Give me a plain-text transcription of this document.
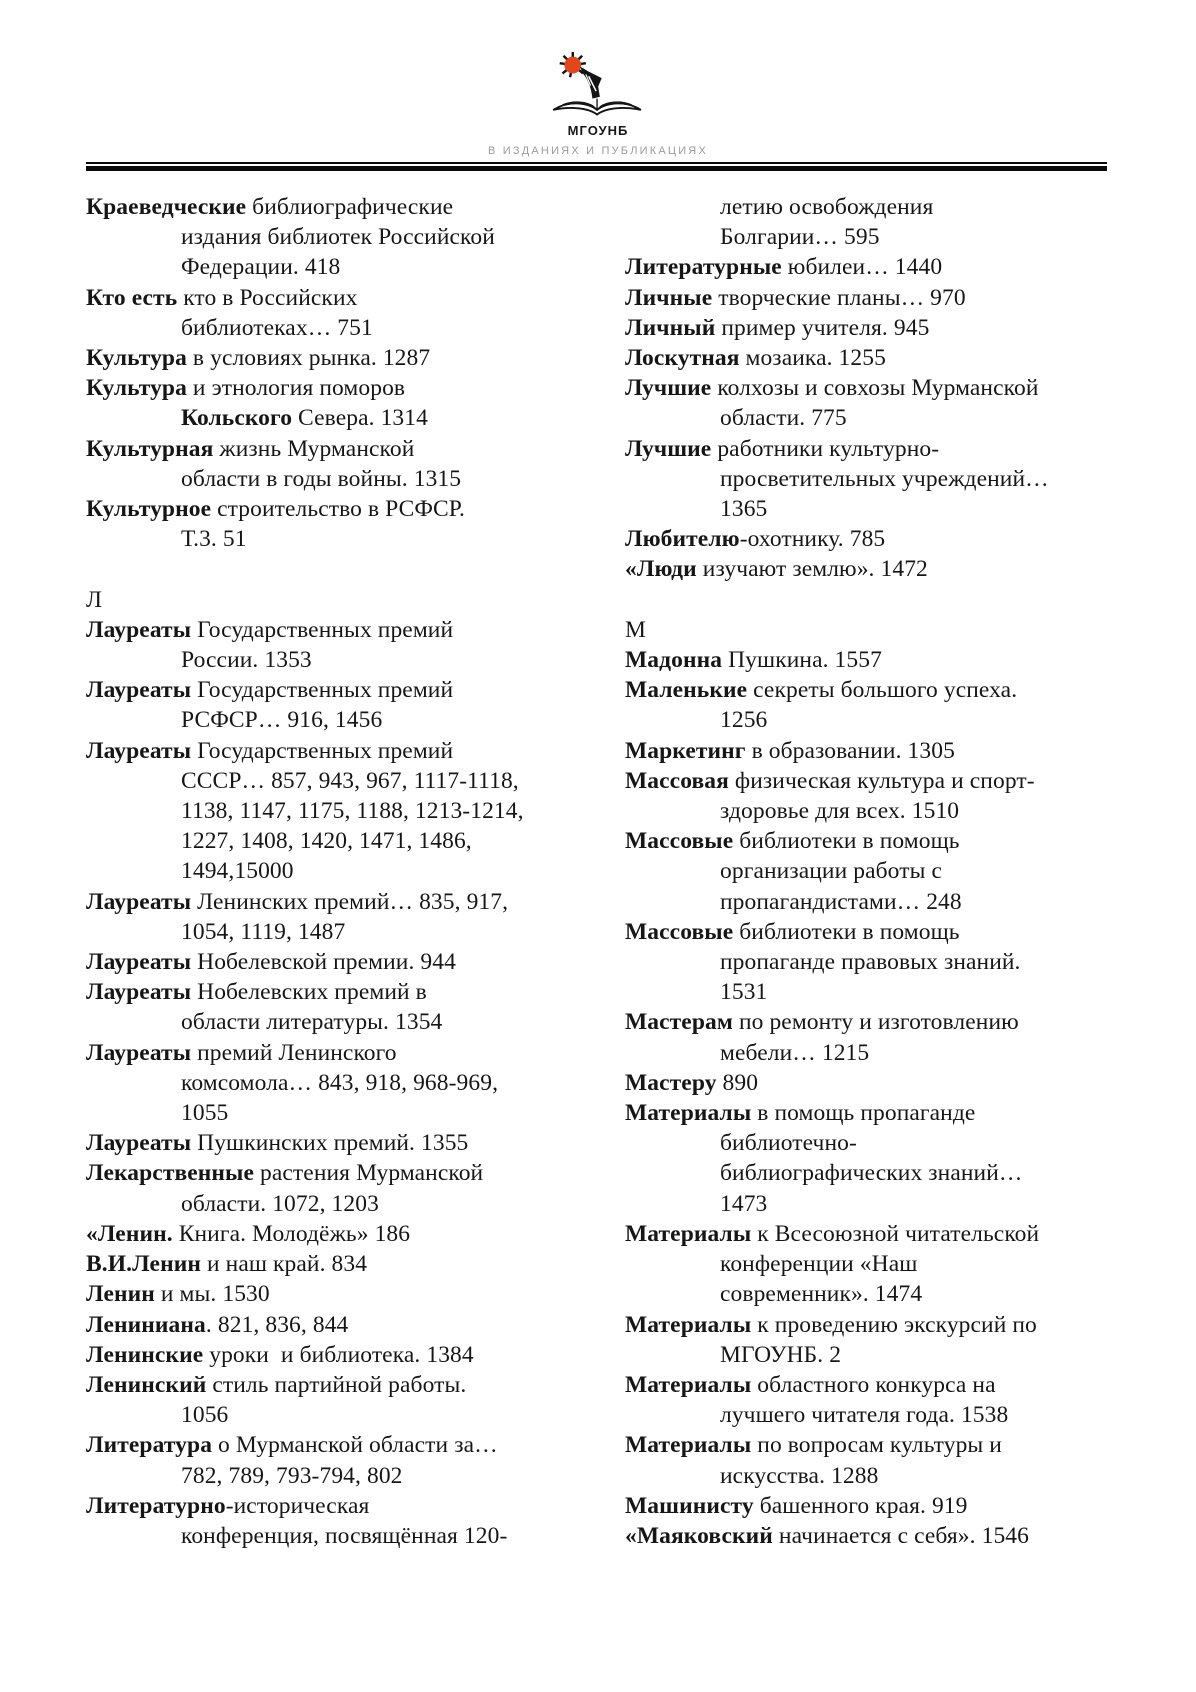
МГОУНБ
В ИЗДАНИЯХ И ПУБЛИКАЦИЯХ
Краеведческие библиографические
издания библиотек Российской
Федерации. 418
Кто есть кто в Российских
библиотеках… 751
Культура в условиях рынка. 1287
Культура и этнология поморов
Кольского Севера. 1314
Культурная жизнь Мурманской
области в годы войны. 1315
Культурное строительство в РСФСР.
Т.3. 51
Л
Лауреаты Государственных премий
России. 1353
Лауреаты Государственных премий
РСФСР… 916, 1456
Лауреаты Государственных премий
СССР… 857, 943, 967, 1117-1118,
1138, 1147, 1175, 1188, 1213-1214,
1227, 1408, 1420, 1471, 1486,
1494,15000
Лауреаты Ленинских премий… 835, 917,
1054, 1119, 1487
Лауреаты Нобелевской премии. 944
Лауреаты Нобелевских премий в
области литературы. 1354
Лауреаты премий Ленинского
комсомола… 843, 918, 968-969,
1055
Лауреаты Пушкинских премий. 1355
Лекарственные растения Мурманской
области. 1072, 1203
«Ленин. Книга. Молодёжь» 186
В.И.Ленин и наш край. 834
Ленин и мы. 1530
Лениниана. 821, 836, 844
Ленинские уроки  и библиотека. 1384
Ленинский стиль партийной работы.
1056
Литература о Мурманской области за…
782, 789, 793-794, 802
Литературно-историческая
конференция, посвящённая 120-
летию освобождения
Болгарии… 595
Литературные юбилеи… 1440
Личные творческие планы… 970
Личный пример учителя. 945
Лоскутная мозаика. 1255
Лучшие колхозы и совхозы Мурманской
области. 775
Лучшие работники культурно-
просветительных учреждений…
1365
Любителю-охотнику. 785
«Люди изучают землю». 1472
М
Мадонна Пушкина. 1557
Маленькие секреты большого успеха.
1256
Маркетинг в образовании. 1305
Массовая физическая культура и спорт-
здоровье для всех. 1510
Массовые библиотеки в помощь
организации работы с
пропагандистами… 248
Массовые библиотеки в помощь
пропаганде правовых знаний.
1531
Мастерам по ремонту и изготовлению
мебели… 1215
Мастеру 890
Материалы в помощь пропаганде
библиотечно-
библиографических знаний…
1473
Материалы к Всесоюзной читательской
конференции «Наш
современник». 1474
Материалы к проведению экскурсий по
МГОУНБ. 2
Материалы областного конкурса на
лучшего читателя года. 1538
Материалы по вопросам культуры и
искусства. 1288
Машинисту башенного края. 919
«Маяковский начинается с себя». 1546
